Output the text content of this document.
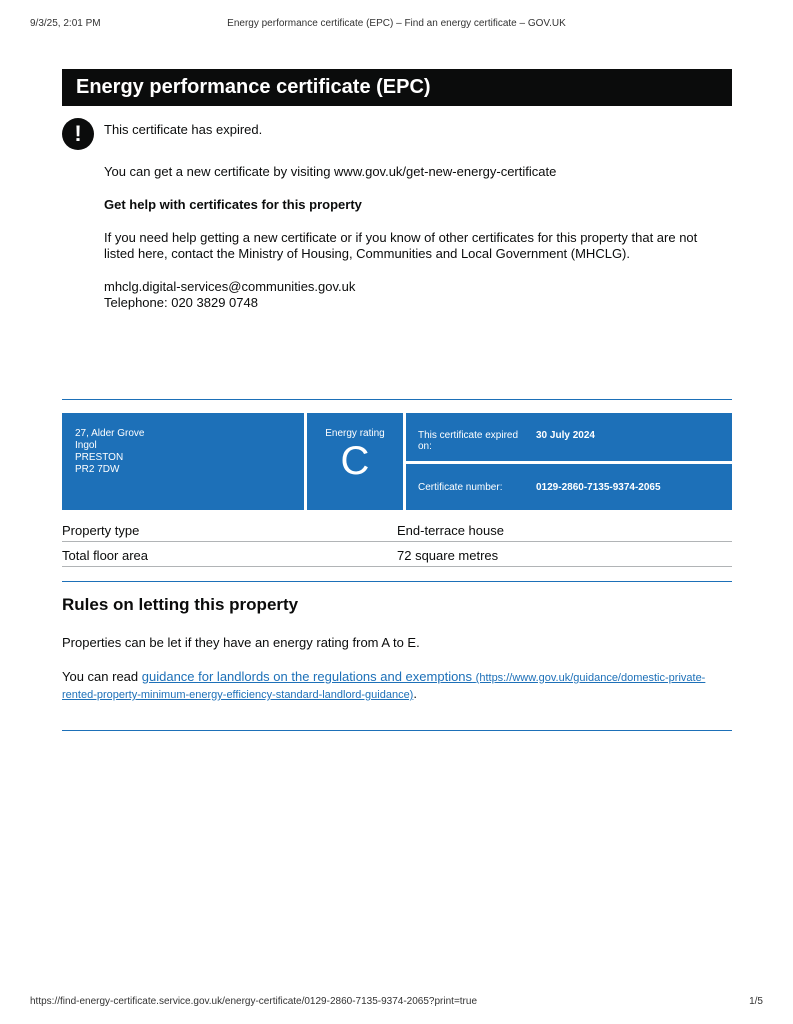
9/3/25, 2:01 PM	Energy performance certificate (EPC) – Find an energy certificate – GOV.UK
Energy performance certificate (EPC)
!	This certificate has expired.

You can get a new certificate by visiting www.gov.uk/get-new-energy-certificate

Get help with certificates for this property

If you need help getting a new certificate or if you know of other certificates for this property that are not listed here, contact the Ministry of Housing, Communities and Local Government (MHCLG).

mhclg.digital-services@communities.gov.uk
Telephone: 020 3829 0748
27, Alder Grove
Ingol
PRESTON
PR2 7DW
Energy rating
C
This certificate expired on:
30 July 2024
Certificate number:	0129-2860-7135-9374-2065
Property type	End-terrace house
Total floor area	72 square metres
Rules on letting this property

Properties can be let if they have an energy rating from A to E.

You can read guidance for landlords on the regulations and exemptions (https://www.gov.uk/guidance/domestic-private-rented-property-minimum-energy-efficiency-standard-landlord-guidance).

https://find-energy-certificate.service.gov.uk/energy-certificate/0129-2860-7135-9374-2065?print=true	1/5
